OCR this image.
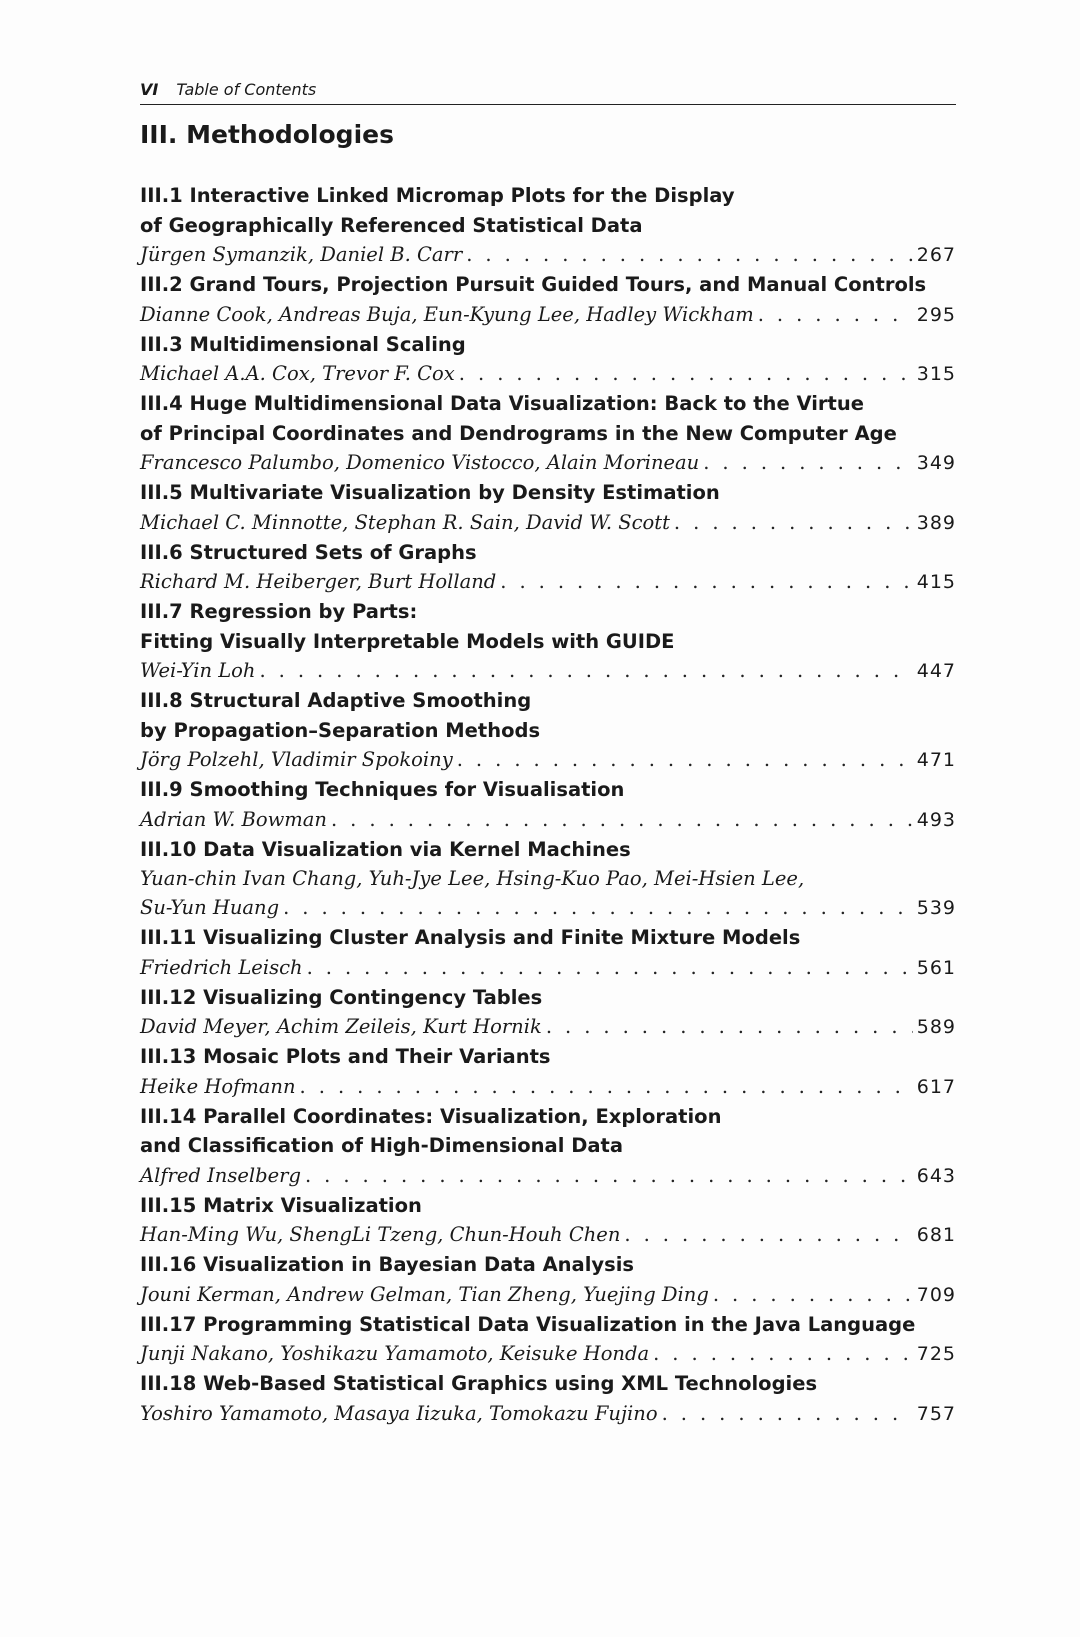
VI Table of Contents
III. Methodologies
III.1 Interactive Linked Micromap Plots for the Display
of Geographically Referenced Statistical Data
Jürgen Symanzik, Daniel B. Carr . . .	267
III.2 Grand Tours, Projection Pursuit Guided Tours, and Manual Controls
Dianne Cook, Andreas Buja, Eun-Kyung Lee, Hadley Wickham . . .	295
III.3 Multidimensional Scaling
Michael A.A. Cox, Trevor F. Cox . . .	315
III.4 Huge Multidimensional Data Visualization: Back to the Virtue
of Principal Coordinates and Dendrograms in the New Computer Age
Francesco Palumbo, Domenico Vistocco, Alain Morineau . . .	349
III.5 Multivariate Visualization by Density Estimation
Michael C. Minnotte, Stephan R. Sain, David W. Scott . . .	389
III.6 Structured Sets of Graphs
Richard M. Heiberger, Burt Holland . . .	415
III.7 Regression by Parts:
Fitting Visually Interpretable Models with GUIDE
Wei-Yin Loh . . .	447
III.8 Structural Adaptive Smoothing
by Propagation–Separation Methods
Jörg Polzehl, Vladimir Spokoiny . . .	471
III.9 Smoothing Techniques for Visualisation
Adrian W. Bowman . . .	493
III.10 Data Visualization via Kernel Machines
Yuan-chin Ivan Chang, Yuh-Jye Lee, Hsing-Kuo Pao, Mei-Hsien Lee,
Su-Yun Huang . . .	539
III.11 Visualizing Cluster Analysis and Finite Mixture Models
Friedrich Leisch . . .	561
III.12 Visualizing Contingency Tables
David Meyer, Achim Zeileis, Kurt Hornik . . .	589
III.13 Mosaic Plots and Their Variants
Heike Hofmann . . .	617
III.14 Parallel Coordinates: Visualization, Exploration
and Classification of High-Dimensional Data
Alfred Inselberg . . .	643
III.15 Matrix Visualization
Han-Ming Wu, ShengLi Tzeng, Chun-Houh Chen . . .	681
III.16 Visualization in Bayesian Data Analysis
Jouni Kerman, Andrew Gelman, Tian Zheng, Yuejing Ding . . .	709
III.17 Programming Statistical Data Visualization in the Java Language
Junji Nakano, Yoshikazu Yamamoto, Keisuke Honda . . .	725
III.18 Web-Based Statistical Graphics using XML Technologies
Yoshiro Yamamoto, Masaya Iizuka, Tomokazu Fujino . . .	757
